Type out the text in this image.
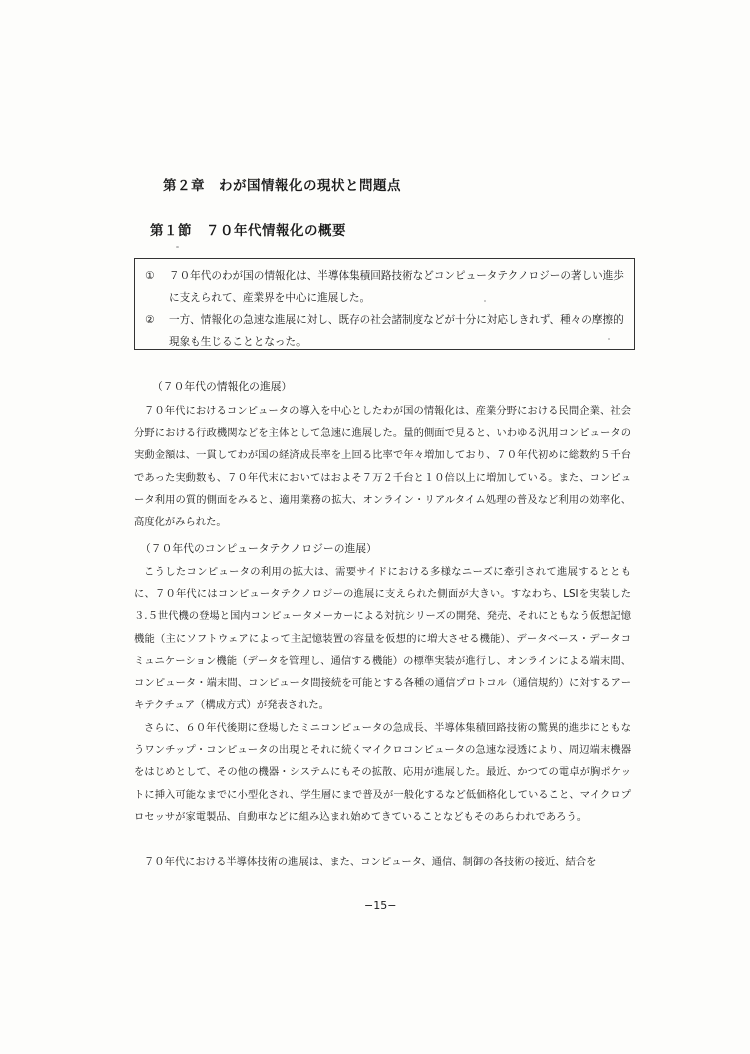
第２章　わが国情報化の現状と問題点
第１節　７０年代情報化の概要
①	７０年代のわが国の情報化は、半導体集積回路技術などコンピュータテクノロジーの著しい進歩に支えられて、産業界を中心に進展した。
②	一方、情報化の急速な進展に対し、既存の社会諸制度などが十分に対応しきれず、種々の摩擦的現象も生じることとなった。
（７０年代の情報化の進展）

７０年代におけるコンピュータの導入を中心としたわが国の情報化は、産業分野における民間企業、社会分野における行政機関などを主体として急速に進展した。量的側面で見ると、いわゆる汎用コンピュータの実動金額は、一貫してわが国の経済成長率を上回る比率で年々増加しており、７０年代初めに総数約５千台であった実動数も、７０年代末においてはおよそ７万２千台と１０倍以上に増加している。また、コンピュータ利用の質的側面をみると、適用業務の拡大、オンライン・リアルタイム処理の普及など利用の効率化、高度化がみられた。

（７０年代のコンピュータテクノロジーの進展）

こうしたコンピュータの利用の拡大は、需要サイドにおける多様なニーズに牽引されて進展するとともに、７０年代にはコンピュータテクノロジーの進展に支えられた側面が大きい。すなわち、LSIを実装した３.５世代機の登場と国内コンピュータメーカーによる対抗シリーズの開発、発売、それにともなう仮想記憶機能（主にソフトウェアによって主記憶装置の容量を仮想的に増大させる機能）、データベース・データコミュニケーション機能（データを管理し、通信する機能）の標準実装が進行し、オンラインによる端末間、コンピュータ・端末間、コンピュータ間接続を可能とする各種の通信プロトコル（通信規約）に対するアーキテクチュア（構成方式）が発表された。

さらに、６０年代後期に登場したミニコンピュータの急成長、半導体集積回路技術の驚異的進歩にともなうワンチップ・コンピュータの出現とそれに続くマイクロコンピュータの急速な浸透により、周辺端末機器をはじめとして、その他の機器・システムにもその拡散、応用が進展した。最近、かつての電卓が胸ポケットに挿入可能なまでに小型化され、学生層にまで普及が一般化するなど低価格化していること、マイクロプロセッサが家電製品、自動車などに組み込まれ始めてきていることなどもそのあらわれであろう。

７０年代における半導体技術の進展は、また、コンピュータ、通信、制御の各技術の接近、結合を

−15−
